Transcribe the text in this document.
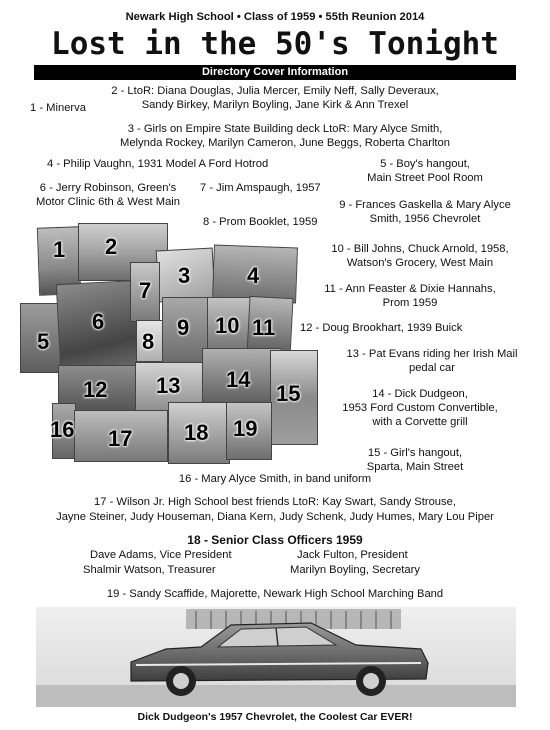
Newark High School • Class of 1959 • 55th Reunion 2014
Lost in the 50's Tonight
Directory Cover Information
1 - Minerva
2 - LtoR: Diana Douglas, Julia Mercer, Emily Neff, Sally Deveraux,
Sandy Birkey, Marilyn Boyling, Jane Kirk & Ann Trexel
3 - Girls on Empire State Building deck LtoR: Mary Alyce Smith,
Melynda Rockey, Marilyn Cameron, June Beggs, Roberta Charlton
4 - Philip Vaughn, 1931 Model A Ford Hotrod	5 - Boy's hangout,
Main Street Pool Room
6 - Jerry Robinson, Green's
Motor Clinic 6th & West Main
7 - Jim Amspaugh, 1957
9 - Frances Gaskella & Mary Alyce
Smith, 1956 Chevrolet
8 - Prom Booklet, 1959
10 - Bill Johns, Chuck Arnold, 1958,
Watson's Grocery, West Main
11 - Ann Feaster & Dixie Hannahs,
Prom 1959
12 - Doug Brookhart, 1939 Buick
13 - Pat Evans riding her Irish Mail
pedal car
14 - Dick Dudgeon,
1953 Ford Custom Convertible,
with a Corvette grill
15 - Girl's hangout,
Sparta, Main Street
1 2
3	4
5
6
7
8
9 10 11
12 13 14
15
16 17 18 19
16 - Mary Alyce Smith, in band uniform
17 - Wilson Jr. High School best friends LtoR: Kay Swart, Sandy Strouse,
Jayne Steiner, Judy Houseman, Diana Kern, Judy Schenk, Judy Humes, Mary Lou Piper
18 - Senior Class Officers 1959
Dave Adams, Vice President	Jack Fulton, President
Shalmir Watson, Treasurer	Marilyn Boyling, Secretary
19 - Sandy Scaffide, Majorette, Newark High School Marching Band
Dick Dudgeon's 1957 Chevrolet, the Coolest Car EVER!
